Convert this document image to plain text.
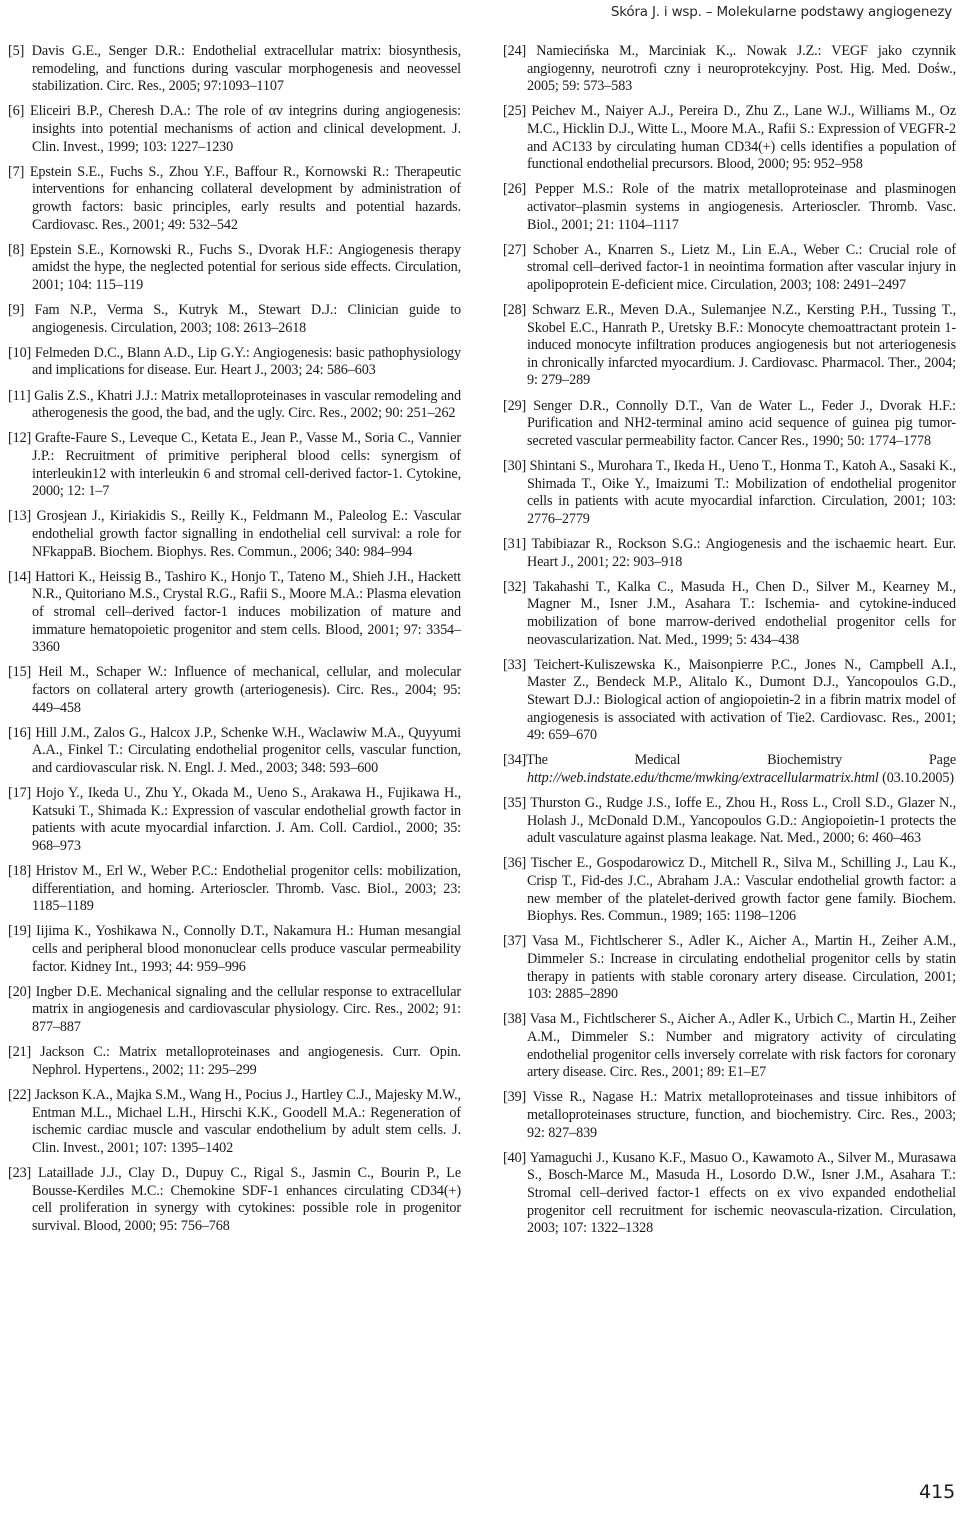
Skóra J. i wsp. – Molekularne podstawy angiogenezy

[5] Davis G.E., Senger D.R.: Endothelial extracellular matrix: biosynthesis, remodeling, and functions during vascular morphogenesis and neovessel stabilization. Circ. Res., 2005; 97:1093–1107

[6] Eliceiri B.P., Cheresh D.A.: The role of αv integrins during angiogenesis: insights into potential mechanisms of action and clinical development. J. Clin. Invest., 1999; 103: 1227–1230

[7] Epstein S.E., Fuchs S., Zhou Y.F., Baffour R., Kornowski R.: Therapeutic interventions for enhancing collateral development by administration of growth factors: basic principles, early results and potential hazards. Cardiovasc. Res., 2001; 49: 532–542

[8] Epstein S.E., Kornowski R., Fuchs S., Dvorak H.F.: Angiogenesis therapy amidst the hype, the neglected potential for serious side effects. Circulation, 2001; 104: 115–119

[9] Fam N.P., Verma S., Kutryk M., Stewart D.J.: Clinician guide to angiogenesis. Circulation, 2003; 108: 2613–2618

[10] Felmeden D.C., Blann A.D., Lip G.Y.: Angiogenesis: basic pathophysiology and implications for disease. Eur. Heart J., 2003; 24: 586–603

[11] Galis Z.S., Khatri J.J.: Matrix metalloproteinases in vascular remodeling and atherogenesis the good, the bad, and the ugly. Circ. Res., 2002; 90: 251–262

[12] Grafte-Faure S., Leveque C., Ketata E., Jean P., Vasse M., Soria C., Vannier J.P.: Recruitment of primitive peripheral blood cells: synergism of interleukin12 with interleukin 6 and stromal cell-derived factor-1. Cytokine, 2000; 12: 1–7

[13] Grosjean J., Kiriakidis S., Reilly K., Feldmann M., Paleolog E.: Vascular endothelial growth factor signalling in endothelial cell survival: a role for NFkappaB. Biochem. Biophys. Res. Commun., 2006; 340: 984–994

[14] Hattori K., Heissig B., Tashiro K., Honjo T., Tateno M., Shieh J.H., Hackett N.R., Quitoriano M.S., Crystal R.G., Rafii S., Moore M.A.: Plasma elevation of stromal cell–derived factor-1 induces mobilization of mature and immature hematopoietic progenitor and stem cells. Blood, 2001; 97: 3354–3360

[15] Heil M., Schaper W.: Influence of mechanical, cellular, and molecular factors on collateral artery growth (arteriogenesis). Circ. Res., 2004; 95: 449–458

[16] Hill J.M., Zalos G., Halcox J.P., Schenke W.H., Waclawiw M.A., Quyyumi A.A., Finkel T.: Circulating endothelial progenitor cells, vascular function, and cardiovascular risk. N. Engl. J. Med., 2003; 348: 593–600

[17] Hojo Y., Ikeda U., Zhu Y., Okada M., Ueno S., Arakawa H., Fujikawa H., Katsuki T., Shimada K.: Expression of vascular endothelial growth factor in patients with acute myocardial infarction. J. Am. Coll. Cardiol., 2000; 35: 968–973

[18] Hristov M., Erl W., Weber P.C.: Endothelial progenitor cells: mobilization, differentiation, and homing. Arterioscler. Thromb. Vasc. Biol., 2003; 23: 1185–1189

[19] Iijima K., Yoshikawa N., Connolly D.T., Nakamura H.: Human mesangial cells and peripheral blood mononuclear cells produce vascular permeability factor. Kidney Int., 1993; 44: 959–996

[20] Ingber D.E. Mechanical signaling and the cellular response to extracellular matrix in angiogenesis and cardiovascular physiology. Circ. Res., 2002; 91: 877–887

[21] Jackson C.: Matrix metalloproteinases and angiogenesis. Curr. Opin. Nephrol. Hypertens., 2002; 11: 295–299

[22] Jackson K.A., Majka S.M., Wang H., Pocius J., Hartley C.J., Majesky M.W., Entman M.L., Michael L.H., Hirschi K.K., Goodell M.A.: Regeneration of ischemic cardiac muscle and vascular endothelium by adult stem cells. J. Clin. Invest., 2001; 107: 1395–1402

[23] Lataillade J.J., Clay D., Dupuy C., Rigal S., Jasmin C., Bourin P., Le Bousse-Kerdiles M.C.: Chemokine SDF-1 enhances circulating CD34(+) cell proliferation in synergy with cytokines: possible role in progenitor survival. Blood, 2000; 95: 756–768

[24] Namiecińska M., Marciniak K.,. Nowak J.Z.: VEGF jako czynnik angiogenny, neurotrofi czny i neuroprotekcyjny. Post. Hig. Med. Dośw., 2005; 59: 573–583

[25] Peichev M., Naiyer A.J., Pereira D., Zhu Z., Lane W.J., Williams M., Oz M.C., Hicklin D.J., Witte L., Moore M.A., Rafii S.: Expression of VEGFR-2 and AC133 by circulating human CD34(+) cells identifies a population of functional endothelial precursors. Blood, 2000; 95: 952–958

[26] Pepper M.S.: Role of the matrix metalloproteinase and plasminogen activator–plasmin systems in angiogenesis. Arterioscler. Thromb. Vasc. Biol., 2001; 21: 1104–1117

[27] Schober A., Knarren S., Lietz M., Lin E.A., Weber C.: Crucial role of stromal cell–derived factor-1 in neointima formation after vascular injury in apolipoprotein E-deficient mice. Circulation, 2003; 108: 2491–2497

[28] Schwarz E.R., Meven D.A., Sulemanjee N.Z., Kersting P.H., Tussing T., Skobel E.C., Hanrath P., Uretsky B.F.: Monocyte chemoattractant protein 1-induced monocyte infiltration produces angiogenesis but not arteriogenesis in chronically infarcted myocardium. J. Cardiovasc. Pharmacol. Ther., 2004; 9: 279–289

[29] Senger D.R., Connolly D.T., Van de Water L., Feder J., Dvorak H.F.: Purification and NH2-terminal amino acid sequence of guinea pig tumor-secreted vascular permeability factor. Cancer Res., 1990; 50: 1774–1778

[30] Shintani S., Murohara T., Ikeda H., Ueno T., Honma T., Katoh A., Sasaki K., Shimada T., Oike Y., Imaizumi T.: Mobilization of endothelial progenitor cells in patients with acute myocardial infarction. Circulation, 2001; 103: 2776–2779

[31] Tabibiazar R., Rockson S.G.: Angiogenesis and the ischaemic heart. Eur. Heart J., 2001; 22: 903–918

[32] Takahashi T., Kalka C., Masuda H., Chen D., Silver M., Kearney M., Magner M., Isner J.M., Asahara T.: Ischemia- and cytokine-induced mobilization of bone marrow-derived endothelial progenitor cells for neovascularization. Nat. Med., 1999; 5: 434–438

[33] Teichert-Kuliszewska K., Maisonpierre P.C., Jones N., Campbell A.I., Master Z., Bendeck M.P., Alitalo K., Dumont D.J., Yancopoulos G.D., Stewart D.J.: Biological action of angiopoietin-2 in a fibrin matrix model of angiogenesis is associated with activation of Tie2. Cardiovasc. Res., 2001; 49: 659–670

[34]The Medical Biochemistry Page http://web.indstate.edu/thcme/mwking/extracellularmatrix.html (03.10.2005)

[35] Thurston G., Rudge J.S., Ioffe E., Zhou H., Ross L., Croll S.D., Glazer N., Holash J., McDonald D.M., Yancopoulos G.D.: Angiopoietin-1 protects the adult vasculature against plasma leakage. Nat. Med., 2000; 6: 460–463

[36] Tischer E., Gospodarowicz D., Mitchell R., Silva M., Schilling J., Lau K., Crisp T., Fid-des J.C., Abraham J.A.: Vascular endothelial growth factor: a new member of the platelet-derived growth factor gene family. Biochem. Biophys. Res. Commun., 1989; 165: 1198–1206

[37] Vasa M., Fichtlscherer S., Adler K., Aicher A., Martin H., Zeiher A.M., Dimmeler S.: Increase in circulating endothelial progenitor cells by statin therapy in patients with stable coronary artery disease. Circulation, 2001; 103: 2885–2890

[38] Vasa M., Fichtlscherer S., Aicher A., Adler K., Urbich C., Martin H., Zeiher A.M., Dimmeler S.: Number and migratory activity of circulating endothelial progenitor cells inversely correlate with risk factors for coronary artery disease. Circ. Res., 2001; 89: E1–E7

[39] Visse R., Nagase H.: Matrix metalloproteinases and tissue inhibitors of metalloproteinases structure, function, and biochemistry. Circ. Res., 2003; 92: 827–839

[40] Yamaguchi J., Kusano K.F., Masuo O., Kawamoto A., Silver M., Murasawa S., Bosch-Marce M., Masuda H., Losordo D.W., Isner J.M., Asahara T.: Stromal cell–derived factor-1 effects on ex vivo expanded endothelial progenitor cell recruitment for ischemic neovascula-rization. Circulation, 2003; 107: 1322–1328

415
